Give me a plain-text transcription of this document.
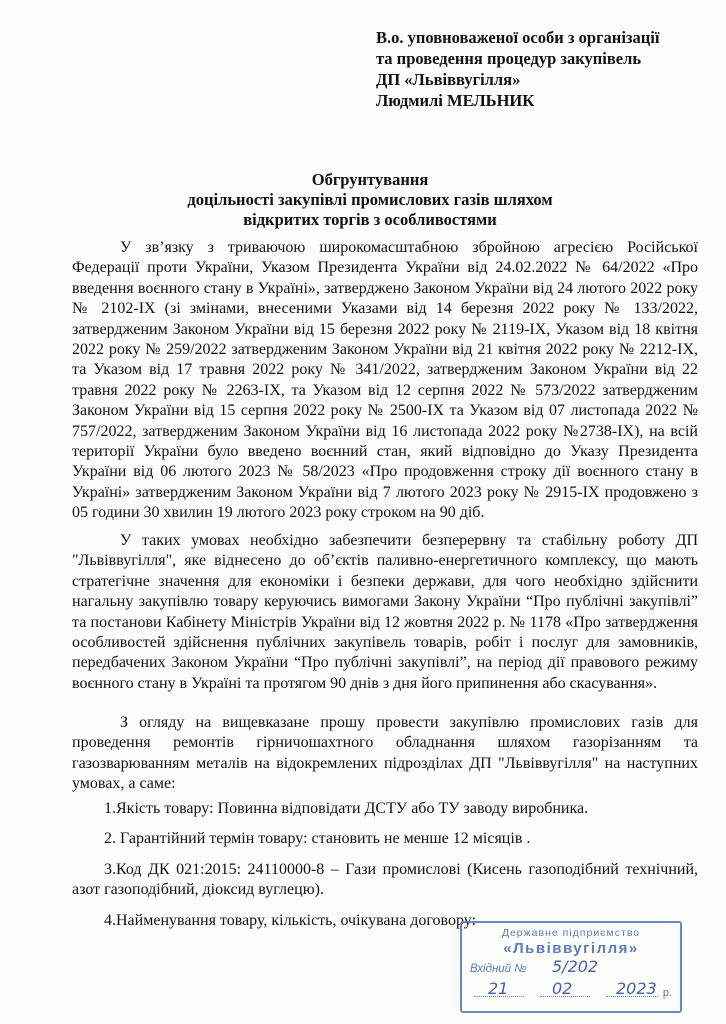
В.о. уповноваженої особи з організації
та проведення процедур закупівель
ДП «Львіввугілля»
Людмилі МЕЛЬНИК
Обгрунтування
доцільності закупівлі промислових газів шляхом
відкритих торгів з особливостями
У зв’язку з триваючою широкомасштабною збройною агресією Російської Федерації проти України, Указом Президента України від 24.02.2022 № 64/2022 «Про введення воєнного стану в Україні», затверджено Законом України від 24 лютого 2022 року № 2102-IX (зі змінами, внесеними Указами від 14 березня 2022 року № 133/2022, затвердженим Законом України від 15 березня 2022 року № 2119-IX, Указом від 18 квітня 2022 року № 259/2022 затвердженим Законом України від 21 квітня 2022 року № 2212-IX, та Указом від 17 травня 2022 року № 341/2022, затвердженим Законом України від 22 травня 2022 року № 2263-IX, та Указом від 12 серпня 2022 № 573/2022 затвердженим Законом України від 15 серпня 2022 року № 2500-IX та Указом від 07 листопада 2022 № 757/2022, затвердженим Законом України від 16 листопада 2022 року №2738-IX), на всій території України було введено воєнний стан, який відповідно до Указу Президента України від 06 лютого 2023 № 58/2023 «Про продовження строку дії воєнного стану в Україні» затвердженим Законом України від 7 лютого 2023 року № 2915-IX продовжено з 05 години 30 хвилин 19 лютого 2023 року строком на 90 діб.
У таких умовах необхідно забезпечити безперервну та стабільну роботу ДП "Львіввугілля", яке віднесено до об’єктів паливно-енергетичного комплексу, що мають стратегічне значення для економіки і безпеки держави, для чого необхідно здійснити нагальну закупівлю товару керуючись вимогами Закону України “Про публічні закупівлі” та постанови Кабінету Міністрів України від 12 жовтня 2022 р. № 1178 «Про затвердження особливостей здійснення публічних закупівель товарів, робіт і послуг для замовників, передбачених Законом України “Про публічні закупівлі”, на період дії правового режиму воєнного стану в Україні та протягом 90 днів з дня його припинення або скасування».
З огляду на вищевказане прошу провести закупівлю промислових газів для проведення ремонтів гірничошахтного обладнання шляхом газорізанням та газозварюванням металів на відокремлених підрозділах ДП "Львіввугілля" на наступних умовах, а саме:
1.Якість товару: Повинна відповідати ДСТУ або ТУ заводу виробника.
2. Гарантійний термін товару: становить не менше 12 місяців .
3.Код ДК 021:2015: 24110000-8 – Гази промислові (Кисень газоподібний технічний, азот газоподібний, діоксид вуглецю).
4.Найменування товару, кількість, очікувана договору:
Державне підприємство
«Львіввугілля»
Вхідний № 5/202
21	02	2023 р.
